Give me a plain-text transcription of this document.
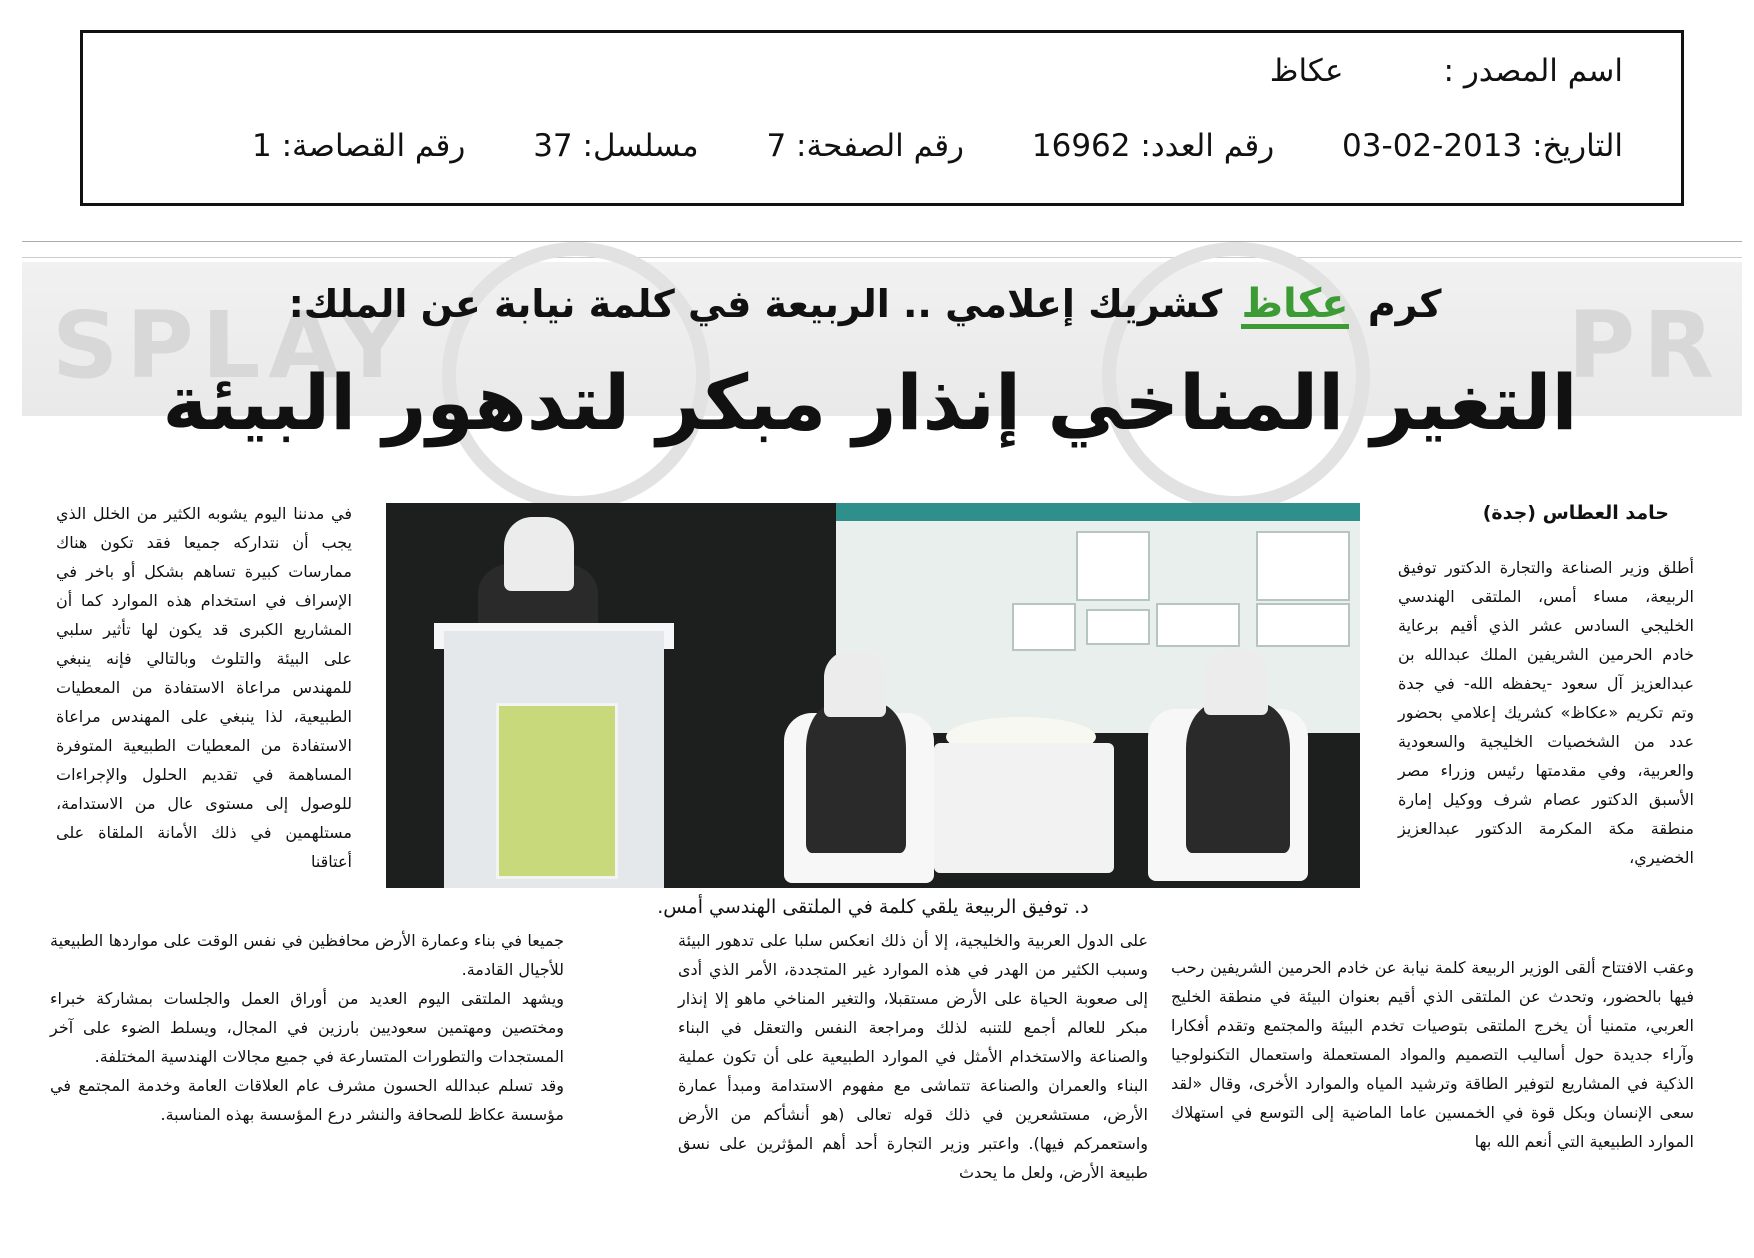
اسم المصدر :عكاظ
التاريخ: 2013-02-03 رقم العدد: 16962 رقم الصفحة: 7 مسلسل: 37 رقم القصاصة: 1
SPLAY	PR
كرم عكاظ كشريك إعلامي .. الربيعة في كلمة نيابة عن الملك:
التغير المناخي إنذار مبكر لتدهور البيئة
حامد العطاس (جدة)

أطلق وزير الصناعة والتجارة الدكتور توفيق الربيعة، مساء أمس، الملتقى الهندسي الخليجي السادس عشر الذي أقيم برعاية خادم الحرمين الشريفين الملك عبدالله بن عبدالعزيز آل سعود -يحفظه الله- في جدة وتم تكريم «عكاظ» كشريك إعلامي بحضور عدد من الشخصيات الخليجية والسعودية والعربية، وفي مقدمتها رئيس وزراء مصر الأسبق الدكتور عصام شرف ووكيل إمارة منطقة مكة المكرمة الدكتور عبدالعزيز الخضيري،

في مدننا اليوم يشوبه الكثير من الخلل الذي يجب أن نتداركه جميعا فقد تكون هناك ممارسات كبيرة تساهم بشكل أو باخر في الإسراف في استخدام هذه الموارد كما أن المشاريع الكبرى قد يكون لها تأثير سلبي على البيئة والتلوث وبالتالي فإنه ينبغي للمهندس مراعاة الاستفادة من المعطيات الطبيعية، لذا ينبغي على المهندس مراعاة الاستفادة من المعطيات الطبيعية المتوفرة المساهمة في تقديم الحلول والإجراءات للوصول إلى مستوى عال من الاستدامة، مستلهمين في ذلك الأمانة الملقاة على أعتاقنا

د. توفيق الربيعة يلقي كلمة في الملتقى الهندسي أمس.

وعقب الافتتاح ألقى الوزير الربيعة كلمة نيابة عن خادم الحرمين الشريفين رحب فيها بالحضور، وتحدث عن الملتقى الذي أقيم بعنوان البيئة في منطقة الخليج العربي، متمنيا أن يخرج الملتقى بتوصيات تخدم البيئة والمجتمع وتقدم أفكارا وآراء جديدة حول أساليب التصميم والمواد المستعملة واستعمال التكنولوجيا الذكية في المشاريع لتوفير الطاقة وترشيد المياه والموارد الأخرى، وقال «لقد سعى الإنسان وبكل قوة في الخمسين عاما الماضية إلى التوسع في استهلاك الموارد الطبيعية التي أنعم الله بها

على الدول العربية والخليجية، إلا أن ذلك انعكس سلبا على تدهور البيئة وسبب الكثير من الهدر في هذه الموارد غير المتجددة، الأمر الذي أدى إلى صعوبة الحياة على الأرض مستقبلا، والتغير المناخي ماهو إلا إنذار مبكر للعالم أجمع للتنبه لذلك ومراجعة النفس والتعقل في البناء والصناعة والاستخدام الأمثل في الموارد الطبيعية على أن تكون عملية البناء والعمران والصناعة تتماشى مع مفهوم الاستدامة ومبدأ عمارة الأرض، مستشعرين في ذلك قوله تعالى (هو أنشأكم من الأرض واستعمركم فيها). واعتبر وزير التجارة أحد أهم المؤثرين على نسق طبيعة الأرض، ولعل ما يحدث

جميعا في بناء وعمارة الأرض محافظين في نفس الوقت على مواردها الطبيعية للأجيال القادمة.

ويشهد الملتقى اليوم العديد من أوراق العمل والجلسات بمشاركة خبراء ومختصين ومهتمين سعوديين بارزين في المجال، ويسلط الضوء على آخر المستجدات والتطورات المتسارعة في جميع مجالات الهندسية المختلفة.

وقد تسلم عبدالله الحسون مشرف عام العلاقات العامة وخدمة المجتمع في مؤسسة عكاظ للصحافة والنشر درع المؤسسة بهذه المناسبة.
